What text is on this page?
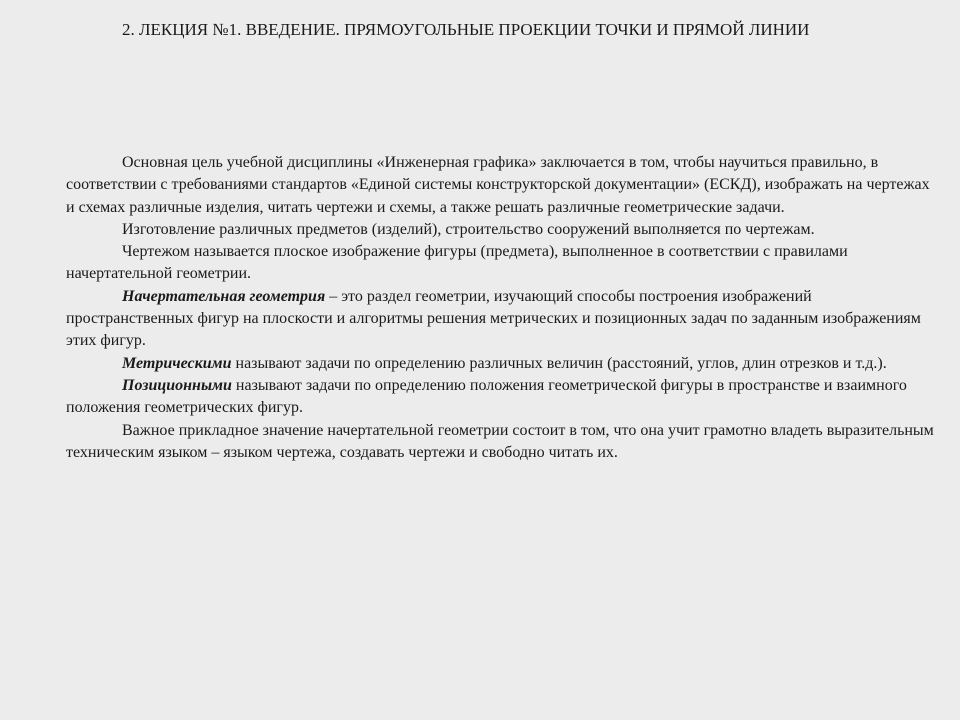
2. ЛЕКЦИЯ №1. ВВЕДЕНИЕ. ПРЯМОУГОЛЬНЫЕ ПРОЕКЦИИ ТОЧКИ И ПРЯМОЙ ЛИНИИ

Основная цель учебной дисциплины «Инженерная графика» заключается в том, чтобы научиться правильно, в соответствии с требованиями стандартов «Единой системы конструкторской документации» (ЕСКД), изображать на чертежах и схемах различные изделия, читать чертежи и схемы, а также решать различные геометрические задачи.

Изготовление различных предметов (изделий), строительство сооружений выполняется по чертежам.

Чертежом называется плоское изображение фигуры (предмета), выполненное в соответствии с правилами начертательной геометрии.

Начертательная геометрия – это раздел геометрии, изучающий способы построения изображений пространственных фигур на плоскости и алгоритмы решения метрических и позиционных задач по заданным изображениям этих фигур.

Метрическими называют задачи по определению различных величин (расстояний, углов, длин отрезков и т.д.).

Позиционными называют задачи по определению положения геометрической фигуры в пространстве и взаимного положения геометрических фигур.

Важное прикладное значение начертательной геометрии состоит в том, что она учит грамотно владеть выразительным техническим языком – языком чертежа, создавать чертежи и свободно читать их.
